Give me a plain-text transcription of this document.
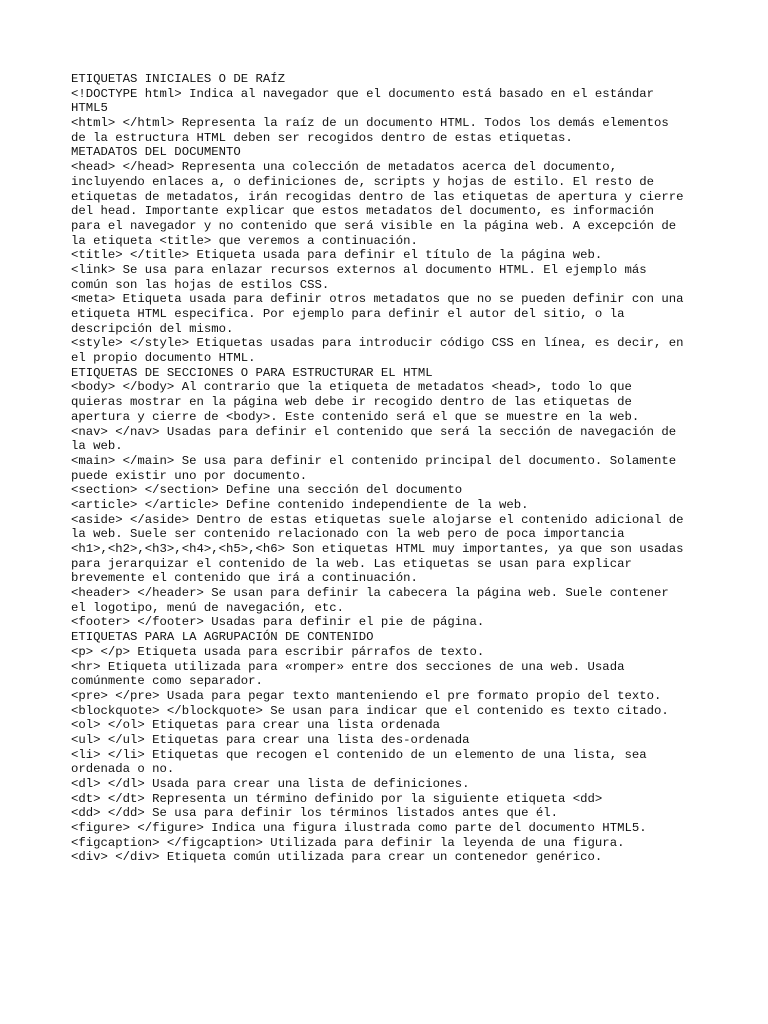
ETIQUETAS INICIALES O DE RAÍZ
<!DOCTYPE html> Indica al navegador que el documento está basado en el estándar
HTML5
<html> </html> Representa la raíz de un documento HTML. Todos los demás elementos
de la estructura HTML deben ser recogidos dentro de estas etiquetas.
METADATOS DEL DOCUMENTO
<head> </head> Representa una colección de metadatos acerca del documento,
incluyendo enlaces a, o definiciones de, scripts y hojas de estilo. El resto de
etiquetas de metadatos, irán recogidas dentro de las etiquetas de apertura y cierre
del head. Importante explicar que estos metadatos del documento, es información
para el navegador y no contenido que será visible en la página web. A excepción de
la etiqueta <title> que veremos a continuación.
<title> </title> Etiqueta usada para definir el título de la página web.
<link> Se usa para enlazar recursos externos al documento HTML. El ejemplo más
común son las hojas de estilos CSS.
<meta> Etiqueta usada para definir otros metadatos que no se pueden definir con una
etiqueta HTML especifica. Por ejemplo para definir el autor del sitio, o la
descripción del mismo.
<style> </style> Etiquetas usadas para introducir código CSS en línea, es decir, en
el propio documento HTML.
ETIQUETAS DE SECCIONES O PARA ESTRUCTURAR EL HTML
<body> </body> Al contrario que la etiqueta de metadatos <head>, todo lo que
quieras mostrar en la página web debe ir recogido dentro de las etiquetas de
apertura y cierre de <body>. Este contenido será el que se muestre en la web.
<nav> </nav> Usadas para definir el contenido que será la sección de navegación de
la web.
<main> </main> Se usa para definir el contenido principal del documento. Solamente
puede existir uno por documento.
<section> </section> Define una sección del documento
<article> </article> Define contenido independiente de la web.
<aside> </aside> Dentro de estas etiquetas suele alojarse el contenido adicional de
la web. Suele ser contenido relacionado con la web pero de poca importancia
<h1>,<h2>,<h3>,<h4>,<h5>,<h6> Son etiquetas HTML muy importantes, ya que son usadas
para jerarquizar el contenido de la web. Las etiquetas se usan para explicar
brevemente el contenido que irá a continuación.
<header> </header> Se usan para definir la cabecera la página web. Suele contener
el logotipo, menú de navegación, etc.
<footer> </footer> Usadas para definir el pie de página.
ETIQUETAS PARA LA AGRUPACIÓN DE CONTENIDO
<p> </p> Etiqueta usada para escribir párrafos de texto.
<hr> Etiqueta utilizada para «romper» entre dos secciones de una web. Usada
comúnmente como separador.
<pre> </pre> Usada para pegar texto manteniendo el pre formato propio del texto.
<blockquote> </blockquote> Se usan para indicar que el contenido es texto citado.
<ol> </ol> Etiquetas para crear una lista ordenada
<ul> </ul> Etiquetas para crear una lista des-ordenada
<li> </li> Etiquetas que recogen el contenido de un elemento de una lista, sea
ordenada o no.
<dl> </dl> Usada para crear una lista de definiciones.
<dt> </dt> Representa un término definido por la siguiente etiqueta <dd>
<dd> </dd> Se usa para definir los términos listados antes que él.
<figure> </figure> Indica una figura ilustrada como parte del documento HTML5.
<figcaption> </figcaption> Utilizada para definir la leyenda de una figura.
<div> </div> Etiqueta común utilizada para crear un contenedor genérico.
